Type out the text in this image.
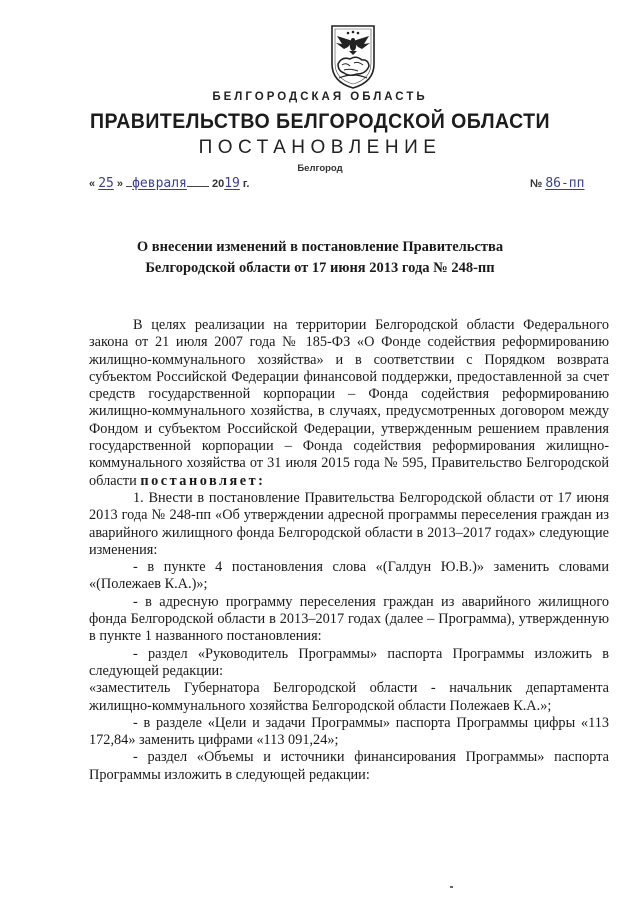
БЕЛГОРОДСКАЯ ОБЛАСТЬ
ПРАВИТЕЛЬСТВО БЕЛГОРОДСКОЙ ОБЛАСТИ
ПОСТАНОВЛЕНИЕ
Белгород
« 25 » февраля 2019 г.	№ 86-пп
О внесении изменений в постановление Правительства
Белгородской области от 17 июня 2013 года № 248-пп

В целях реализации на территории Белгородской области Федерального закона от 21 июля 2007 года № 185-ФЗ «О Фонде содействия реформированию жилищно-коммунального хозяйства» и в соответствии с Порядком возврата субъектом Российской Федерации финансовой поддержки, предоставленной за счет средств государственной корпорации – Фонда содействия реформированию жилищно-коммунального хозяйства, в случаях, предусмотренных договором между Фондом и субъектом Российской Федерации, утвержденным решением правления государственной корпорации – Фонда содействия реформирования жилищно-коммунального хозяйства от 31 июля 2015 года № 595, Правительство Белгородской области постановляет:

1. Внести в постановление Правительства Белгородской области от 17 июня 2013 года № 248-пп «Об утверждении адресной программы переселения граждан из аварийного жилищного фонда Белгородской области в 2013–2017 годах» следующие изменения:

- в пункте 4 постановления слова «(Галдун Ю.В.)» заменить словами «(Полежаев К.А.)»;

- в адресную программу переселения граждан из аварийного жилищного фонда Белгородской области в 2013–2017 годах (далее – Программа), утвержденную в пункте 1 названного постановления:

- раздел «Руководитель Программы» паспорта Программы изложить в следующей редакции:

«заместитель Губернатора Белгородской области - начальник департамента жилищно-коммунального хозяйства Белгородской области Полежаев К.А.»;

- в разделе «Цели и задачи Программы» паспорта Программы цифры «113 172,84» заменить цифрами «113 091,24»;

- раздел «Объемы и источники финансирования Программы» паспорта Программы изложить в следующей редакции:
